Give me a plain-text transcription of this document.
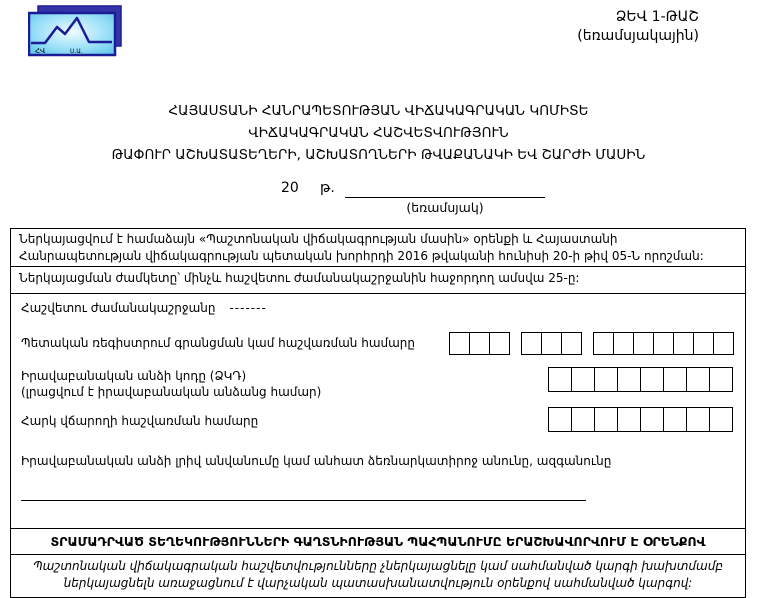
ՀՎ	Ս.Ա.
ՁԵՎ 1-ԹԱՇ
(եռամսյակային)
ՀԱՅԱՍՏԱՆԻ ՀԱՆՐԱՊԵՏՈՒԹՅԱՆ ՎԻՃԱԿԱԳՐԱԿԱՆ ԿՈՄԻՏԵ
ՎԻՃԱԿԱԳՐԱԿԱՆ ՀԱՇՎԵՏՎՈՒԹՅՈՒՆ
ԹԱՓՈՒՐ ԱՇԽԱՏԱՏԵՂԵՐԻ, ԱՇԽԱՏՈՂՆԵՐԻ ԹՎԱՔԱՆԱԿԻ ԵՎ ՇԱՐԺԻ ՄԱՍԻՆ
20 թ.
(եռամսյակ)
Ներկայացվում է համաձայն «Պաշտոնական վիճակագրության մասին» օրենքի և Հայաստանի Հանրապետության վիճակագրության պետական խորհրդի 2016 թվականի հունիսի 20-ի թիվ 05-Ն որոշման:
Ներկայացման ժամկետը՝ մինչև հաշվետու ժամանակաշրջանին հաջորդող ամսվա 25-ը:
Հաշվետու ժամանակաշրջանը -------
Պետական ռեգիստրում գրանցման կամ հաշվառման համարը
Իրավաբանական անձի կոդը (ՁԿԴ)
(լրացվում է իրավաբանական անձանց համար)
Հարկ վճարողի հաշվառման համարը
Իրավաբանական անձի լրիվ անվանումը կամ անհատ ձեռնարկատիրոջ անունը, ազգանունը
ՏՐԱՄԱԴՐՎԱԾ ՏԵՂԵԿՈՒԹՅՈՒՆՆԵՐԻ ԳԱՂՏՆԻՈՒԹՅԱՆ ՊԱՀՊԱՆՈՒՄԸ ԵՐԱՇԽԱՎՈՐՎՈՒՄ Է ՕՐԵՆՔՈՎ
Պաշտոնական վիճակագրական հաշվետվությունները չներկայացնելը կամ սահմանված կարգի խախտմամբ ներկայացնելն առաջացնում է վարչական պատասխանատվություն օրենքով սահմանված կարգով:
